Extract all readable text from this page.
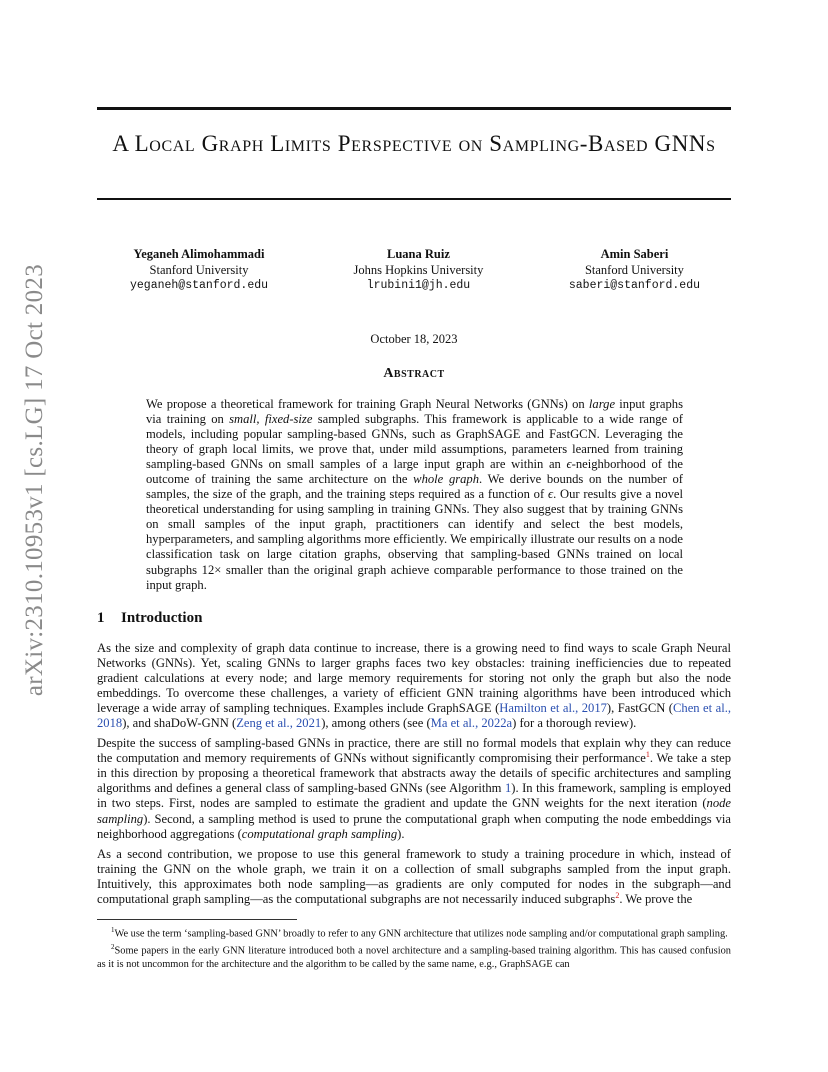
arXiv:2310.10953v1 [cs.LG] 17 Oct 2023
A Local Graph Limits Perspective on Sampling-Based GNNs
Yeganeh Alimohammadi
Stanford University
yeganeh@stanford.edu
Luana Ruiz
Johns Hopkins University
lrubini1@jh.edu
Amin Saberi
Stanford University
saberi@stanford.edu
October 18, 2023
Abstract
We propose a theoretical framework for training Graph Neural Networks (GNNs) on large input graphs via training on small, fixed-size sampled subgraphs. This framework is applicable to a wide range of models, including popular sampling-based GNNs, such as GraphSAGE and FastGCN. Leveraging the theory of graph local limits, we prove that, under mild assumptions, parameters learned from training sampling-based GNNs on small samples of a large input graph are within an ϵ-neighborhood of the outcome of training the same architecture on the whole graph. We derive bounds on the number of samples, the size of the graph, and the training steps required as a function of ϵ. Our results give a novel theoretical understanding for using sampling in training GNNs. They also suggest that by training GNNs on small samples of the input graph, practitioners can identify and select the best models, hyperparameters, and sampling algorithms more efficiently. We empirically illustrate our results on a node classification task on large citation graphs, observing that sampling-based GNNs trained on local subgraphs 12× smaller than the original graph achieve comparable performance to those trained on the input graph.
1 Introduction

As the size and complexity of graph data continue to increase, there is a growing need to find ways to scale Graph Neural Networks (GNNs). Yet, scaling GNNs to larger graphs faces two key obstacles: training inefficiencies due to repeated gradient calculations at every node; and large memory requirements for storing not only the graph but also the node embeddings. To overcome these challenges, a variety of efficient GNN training algorithms have been introduced which leverage a wide array of sampling techniques. Examples include GraphSAGE (Hamilton et al., 2017), FastGCN (Chen et al., 2018), and shaDoW-GNN (Zeng et al., 2021), among others (see (Ma et al., 2022a) for a thorough review).

Despite the success of sampling-based GNNs in practice, there are still no formal models that explain why they can reduce the computation and memory requirements of GNNs without significantly compromising their performance$^1$. We take a step in this direction by proposing a theoretical framework that abstracts away the details of specific architectures and sampling algorithms and defines a general class of sampling-based GNNs (see Algorithm 1). In this framework, sampling is employed in two steps. First, nodes are sampled to estimate the gradient and update the GNN weights for the next iteration (node sampling). Second, a sampling method is used to prune the computational graph when computing the node embeddings via neighborhood aggregations (computational graph sampling).

As a second contribution, we propose to use this general framework to study a training procedure in which, instead of training the GNN on the whole graph, we train it on a collection of small subgraphs sampled from the input graph. Intuitively, this approximates both node sampling—as gradients are only computed for nodes in the subgraph—and computational graph sampling—as the computational subgraphs are not necessarily induced subgraphs$^2$. We prove the

$^1$We use the term ‘sampling-based GNN’ broadly to refer to any GNN architecture that utilizes node sampling and/or computational graph sampling.

$^2$Some papers in the early GNN literature introduced both a novel architecture and a sampling-based training algorithm. This has caused confusion as it is not uncommon for the architecture and the algorithm to be called by the same name, e.g., GraphSAGE can
